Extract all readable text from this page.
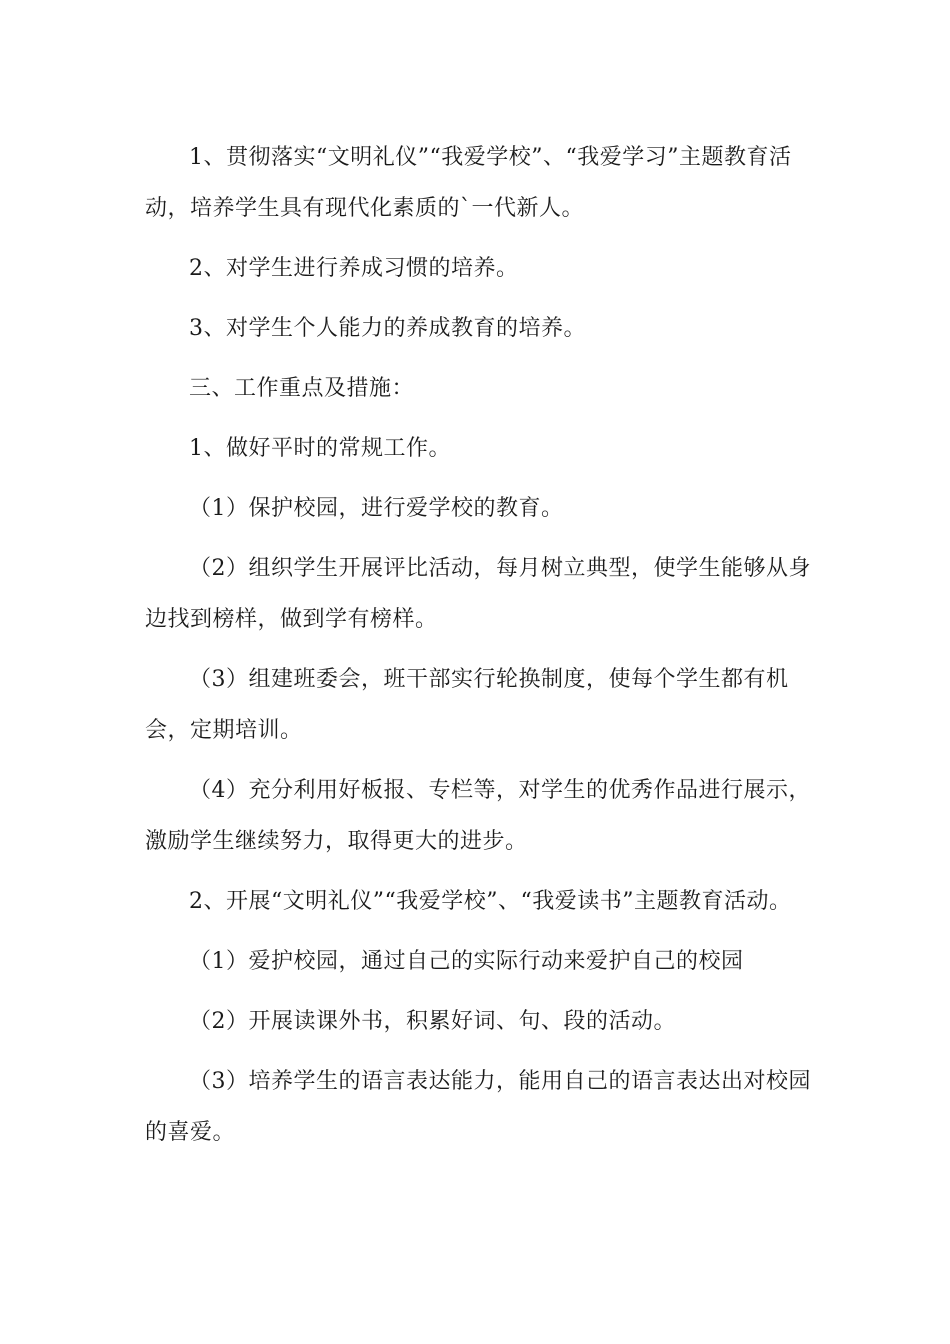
1、贯彻落实“文明礼仪”“我爱学校”、“我爱学习”主题教育活动，培养学生具有现代化素质的`一代新人。

2、对学生进行养成习惯的培养。

3、对学生个人能力的养成教育的培养。

三、工作重点及措施：

1、做好平时的常规工作。

（1）保护校园，进行爱学校的教育。

（2）组织学生开展评比活动，每月树立典型，使学生能够从身边找到榜样，做到学有榜样。

（3）组建班委会，班干部实行轮换制度，使每个学生都有机会，定期培训。

（4）充分利用好板报、专栏等，对学生的优秀作品进行展示，激励学生继续努力，取得更大的进步。

2、开展“文明礼仪”“我爱学校”、“我爱读书”主题教育活动。

（1）爱护校园，通过自己的实际行动来爱护自己的校园

（2）开展读课外书，积累好词、句、段的活动。

（3）培养学生的语言表达能力，能用自己的语言表达出对校园的喜爱。
